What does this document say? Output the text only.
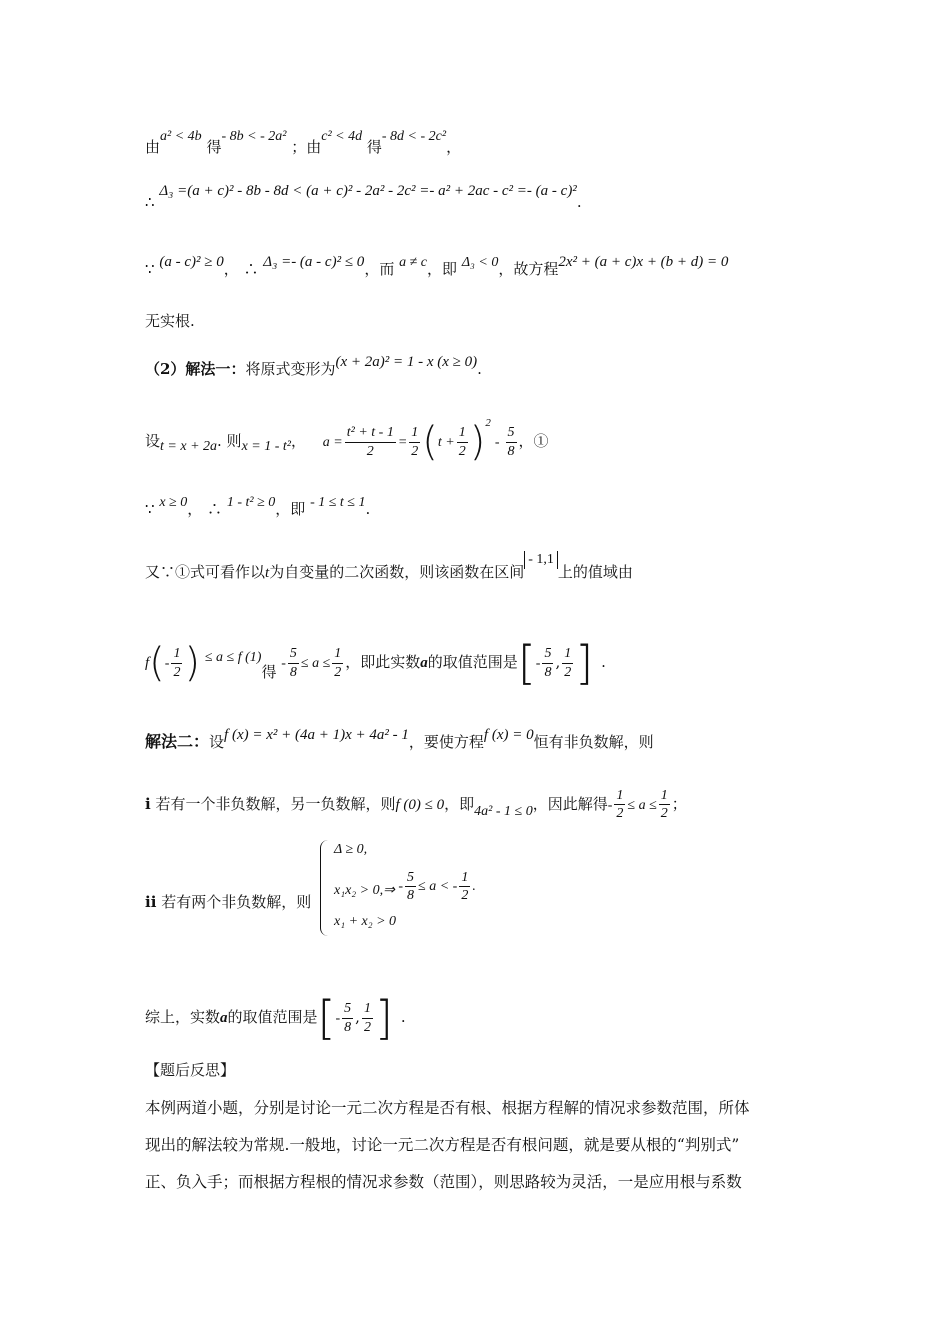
由a² < 4b 得- 8b < - 2a² ；由c² < 4d 得- 8d < - 2c²，
∴ Δ₃ =(a + c)² - 8b - 8d < (a + c)² - 2a² - 2c² =- a² + 2ac - c² =- (a - c)².
∵ (a - c)² ≥ 0， ∴ Δ₃ =- (a - c)² ≤ 0，而 a ≠ c，即 Δ₃ < 0，故方程2x² + (a + c)x + (b + d) = 0
无实根.
（2）解法一：将原式变形为(x + 2a)² = 1 - x (x ≥ 0).
设t = x + 2a. 则x = 1 - t²， $a = \frac{\text{t² + t - 1}}{2} = \frac{1}{2} (t + \frac{1}{2} )^2- \frac{5}{8}$ ，①
∵ x ≥ 0， ∴ 1 - t² ≥ 0，即 - 1 ≤ t ≤ 1.
又∵①式可看作以t为自变量的二次函数，则该函数在区间- 1,1上的值域由
$f(- \frac{1}{2}$ ) ≤ a ≤ f (1)得 - $\frac{5}{8} \le a \le \frac{1}{2}$ ，即此实数a的取值范围是[- $\frac{5}{8}$ , $\frac{1}{2}$ ] .
解法二：设f (x) = x² + (4a + 1)x + 4a² - 1，要使方程f (x) = 0恒有非负数解，则
i 若有一个非负数解，另一负数解，则f (0) ≤ 0，即4a² - 1 ≤ 0，因此解得- $\frac{1}{2} \le a \le \frac{1}{2}$ ；
ii 若有两个非负数解，则
Δ ≥ 0,
x₁x₂ > 0,⇒ - $\frac{5}{8} \le a$ < - $\frac{1}{2}$ .
x₁ + x₂ > 0
综上，实数a的取值范围是[- $\frac{5}{8}$ , $\frac{1}{2}$ ] .
【题后反思】
本例两道小题，分别是讨论一元二次方程是否有根、根据方程解的情况求参数范围，所体
现出的解法较为常规.一般地，讨论一元二次方程是否有根问题，就是要从根的“判别式”
正、负入手；而根据方程根的情况求参数（范围），则思路较为灵活，一是应用根与系数
